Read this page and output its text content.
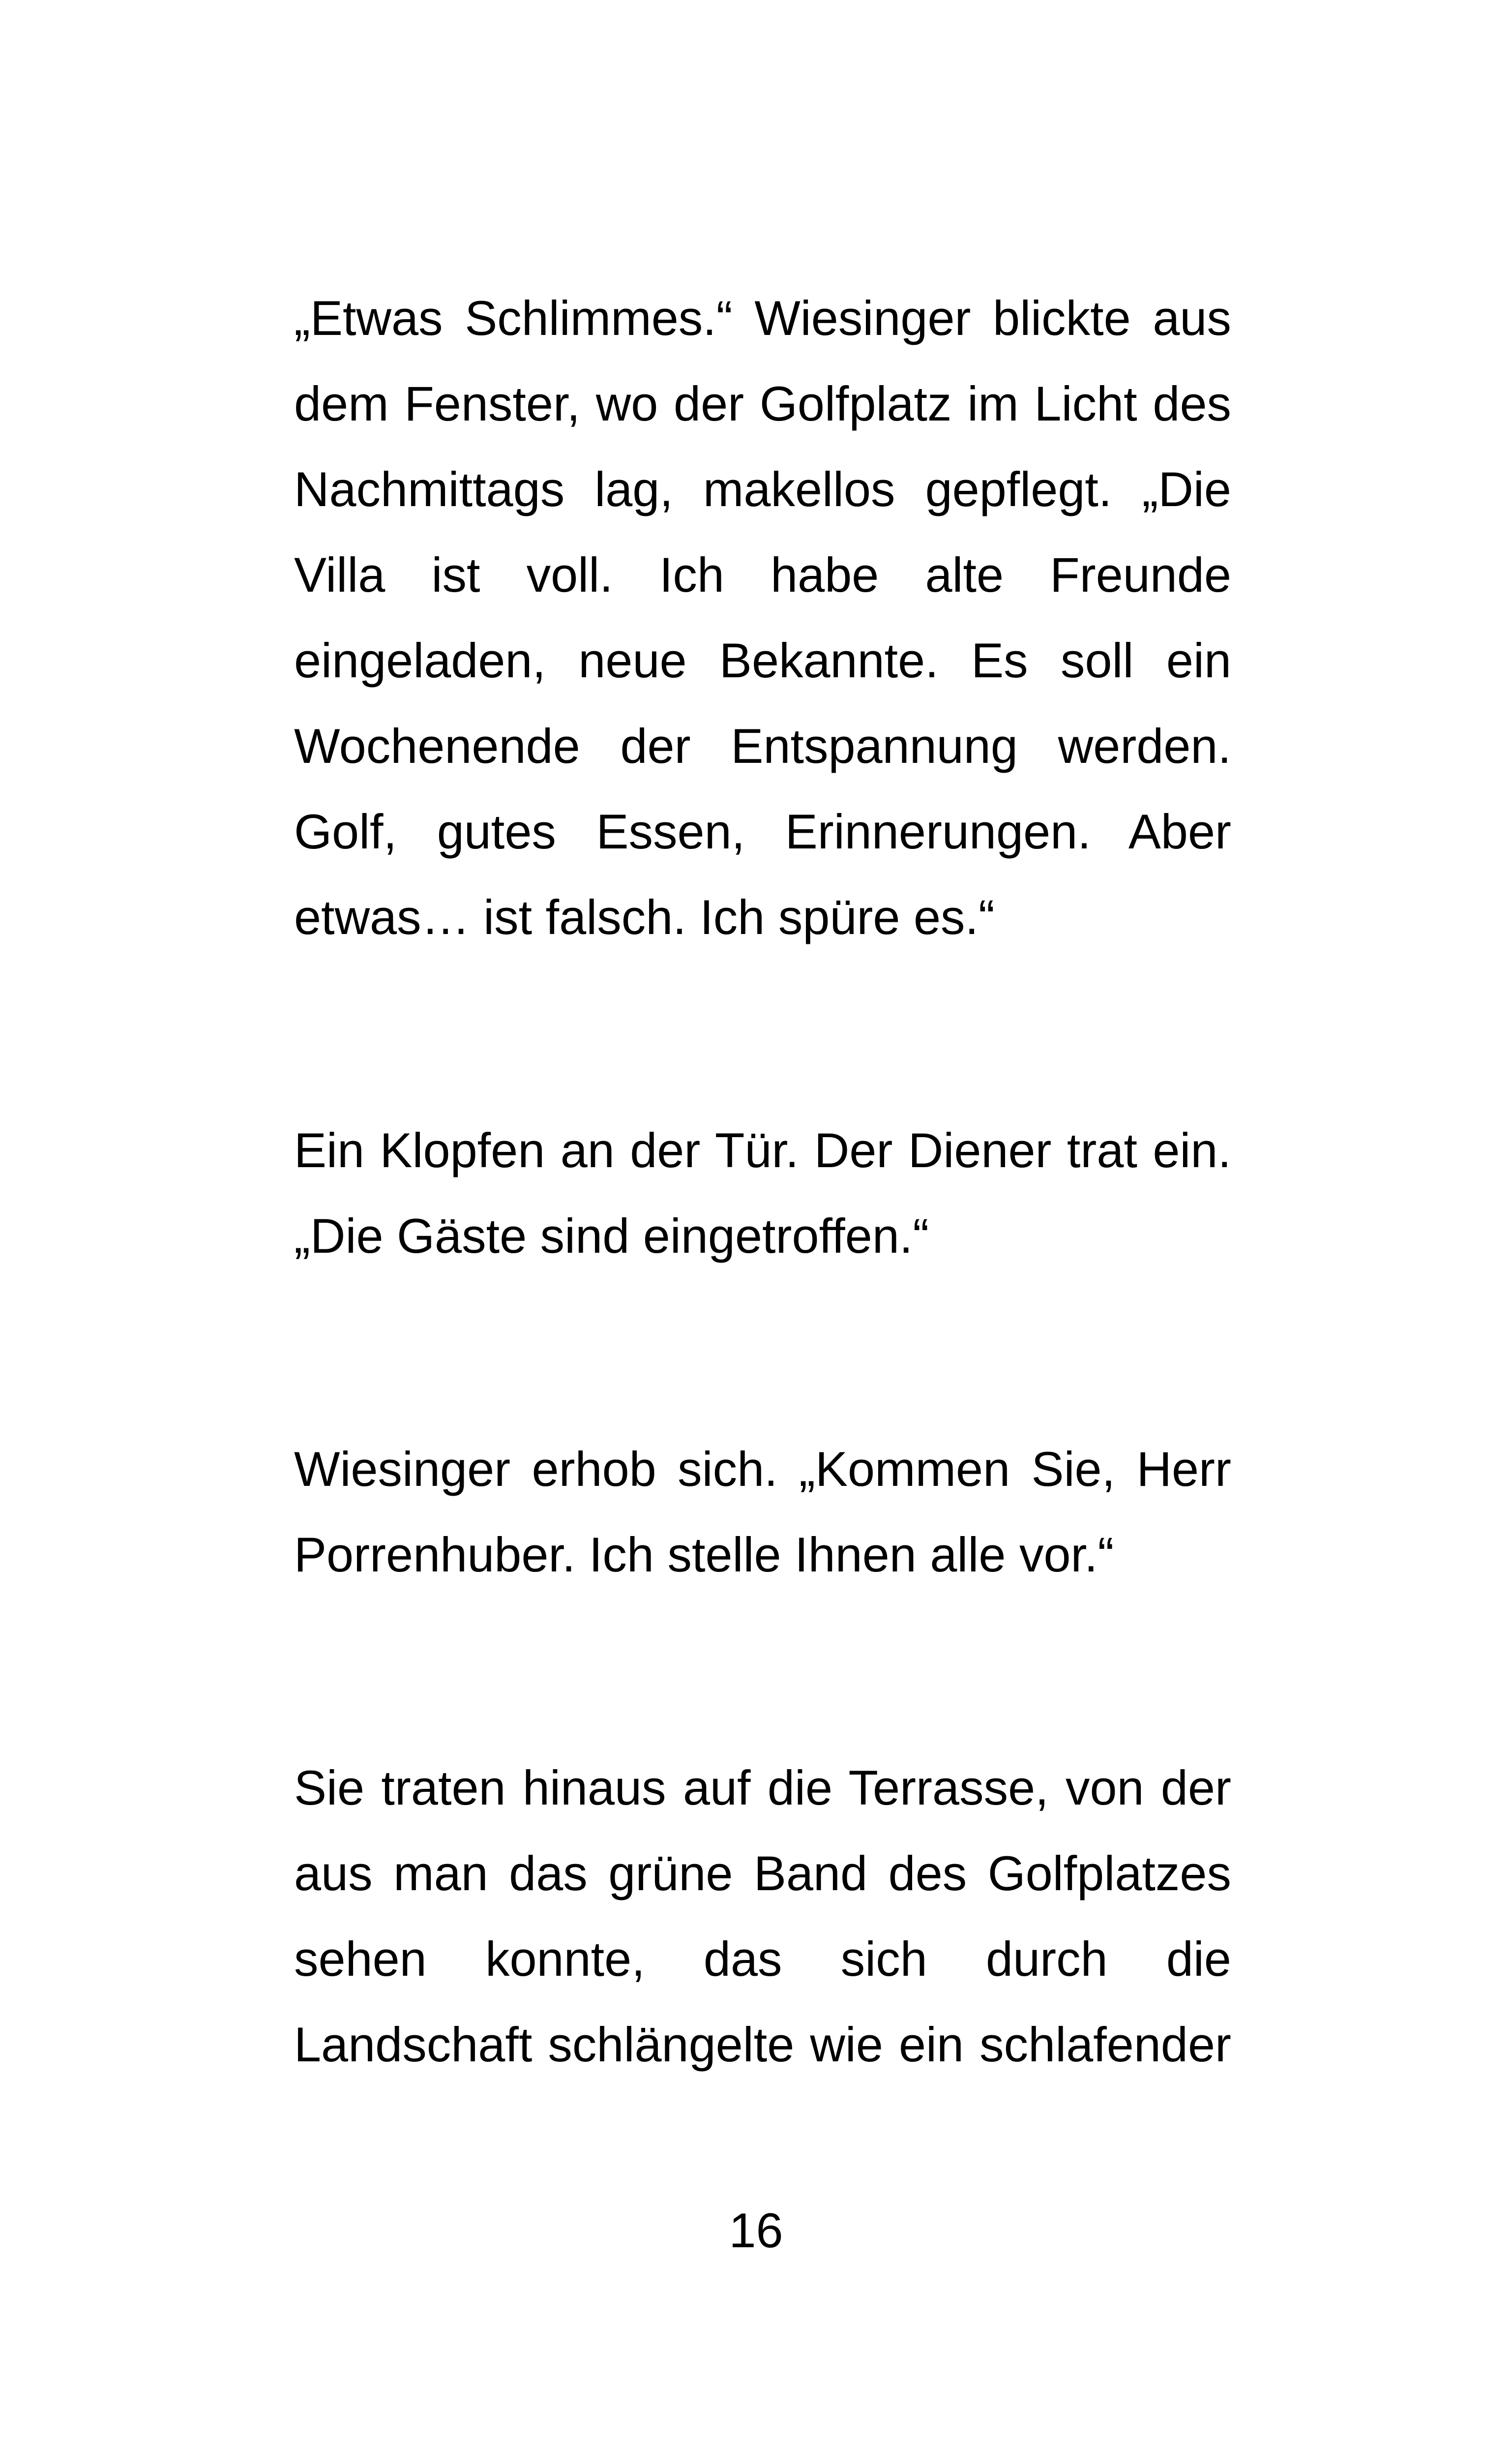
„Etwas Schlimmes.“ Wiesinger blickte aus dem Fenster, wo der Golfplatz im Licht des Nachmittags lag, makellos gepflegt. „Die Villa ist voll. Ich habe alte Freunde eingeladen, neue Bekannte. Es soll ein Wochenende der Entspannung werden. Golf, gutes Essen, Erinnerungen. Aber etwas… ist falsch. Ich spüre es.“

Ein Klopfen an der Tür. Der Diener trat ein. „Die Gäste sind eingetroffen.“

Wiesinger erhob sich. „Kommen Sie, Herr Porrenhuber. Ich stelle Ihnen alle vor.“

Sie traten hinaus auf die Terrasse, von der aus man das grüne Band des Golfplatzes sehen konnte, das sich durch die Landschaft schlängelte wie ein schlafender

16
